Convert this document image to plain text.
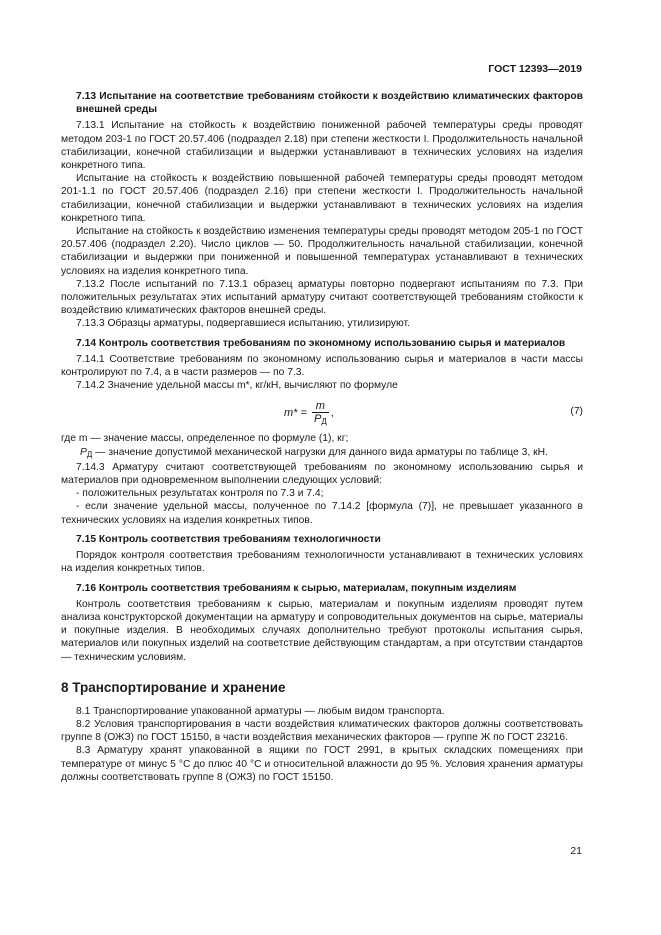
ГОСТ 12393—2019
7.13 Испытание на соответствие требованиям стойкости к воздействию климатических факторов внешней среды

7.13.1 Испытание на стойкость к воздействию пониженной рабочей температуры среды проводят методом 203-1 по ГОСТ 20.57.406 (подраздел 2.18) при степени жесткости I. Продолжительность начальной стабилизации, конечной стабилизации и выдержки устанавливают в технических условиях на изделия конкретного типа.

Испытание на стойкость к воздействию повышенной рабочей температуры среды проводят методом 201-1.1 по ГОСТ 20.57.406 (подраздел 2.16) при степени жесткости I. Продолжительность начальной стабилизации, конечной стабилизации и выдержки устанавливают в технических условиях на изделия конкретного типа.

Испытание на стойкость к воздействию изменения температуры среды проводят методом 205-1 по ГОСТ 20.57.406 (подраздел 2.20). Число циклов — 50. Продолжительность начальной стабилизации, конечной стабилизации и выдержки при пониженной и повышенной температурах устанавливают в технических условиях на изделия конкретного типа.

7.13.2 После испытаний по 7.13.1 образец арматуры повторно подвергают испытаниям по 7.3. При положительных результатах этих испытаний арматуру считают соответствующей требованиям стойкости к воздействию климатических факторов внешней среды.

7.13.3 Образцы арматуры, подвергавшиеся испытанию, утилизируют.

7.14 Контроль соответствия требованиям по экономному использованию сырья и материалов

7.14.1 Соответствие требованиям по экономному использованию сырья и материалов в части массы контролируют по 7.4, а в части размеров — по 7.3.

7.14.2 Значение удельной массы m*, кг/кН, вычисляют по формуле

$m* = \frac{m}{P_Д}$ ,	(7)

где m — значение массы, определенное по формуле (1), кг;

$P_Д$ — значение допустимой механической нагрузки для данного вида арматуры по таблице 3, кН.

7.14.3 Арматуру считают соответствующей требованиям по экономному использованию сырья и материалов при одновременном выполнении следующих условий:

- положительных результатах контроля по 7.3 и 7.4;

- если значение удельной массы, полученное по 7.14.2 [формула (7)], не превышает указанного в технических условиях на изделия конкретных типов.

7.15 Контроль соответствия требованиям технологичности

Порядок контроля соответствия требованиям технологичности устанавливают в технических условиях на изделия конкретных типов.

7.16 Контроль соответствия требованиям к сырью, материалам, покупным изделиям

Контроль соответствия требованиям к сырью, материалам и покупным изделиям проводят путем анализа конструкторской документации на арматуру и сопроводительных документов на сырье, материалы и покупные изделия. В необходимых случаях дополнительно требуют протоколы испытания сырья, материалов или покупных изделий на соответствие действующим стандартам, а при отсутствии стандартов — техническим условиям.

8 Транспортирование и хранение

8.1 Транспортирование упакованной арматуры — любым видом транспорта.

8.2 Условия транспортирования в части воздействия климатических факторов должны соответствовать группе 8 (ОЖЗ) по ГОСТ 15150, в части воздействия механических факторов — группе Ж по ГОСТ 23216.

8.3 Арматуру хранят упакованной в ящики по ГОСТ 2991, в крытых складских помещениях при температуре от минус 5 °С до плюс 40 °С и относительной влажности до 95 %. Условия хранения арматуры должны соответствовать группе 8 (ОЖЗ) по ГОСТ 15150.

21
